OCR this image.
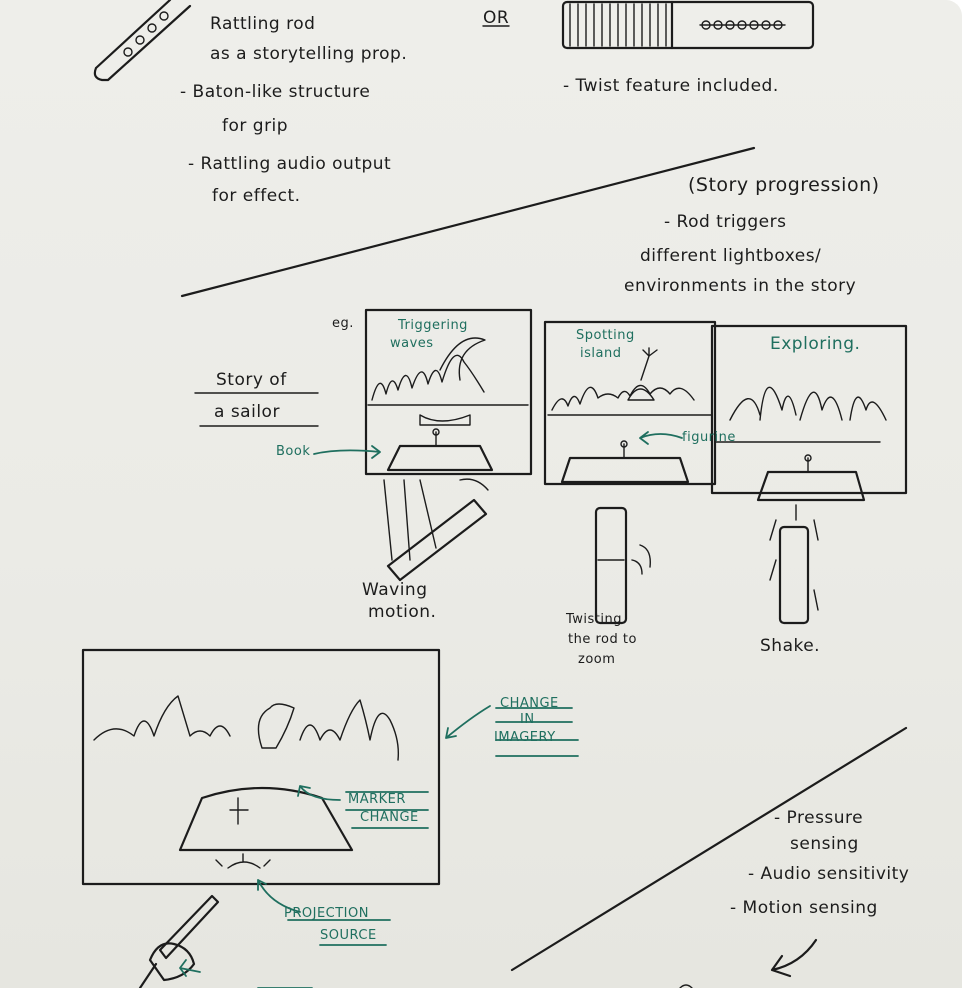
Rattling rod
as a storytelling prop.
- Baton-like structure
for grip
- Rattling audio output
for effect.
OR
- Twist feature included.
(Story progression)
- Rod triggers
different lightboxes/
environments in the story
eg.
Story of
a sailor
Triggering
waves
Book
Spotting
island
figurine
Exploring.
Waving
motion.	Twisting
the rod to
zoom
Shake.
CHANGE
IN
IMAGERY
MARKER
CHANGE
PROJECTION
SOURCE
- Pressure
sensing
- Audio sensitivity
- Motion sensing
